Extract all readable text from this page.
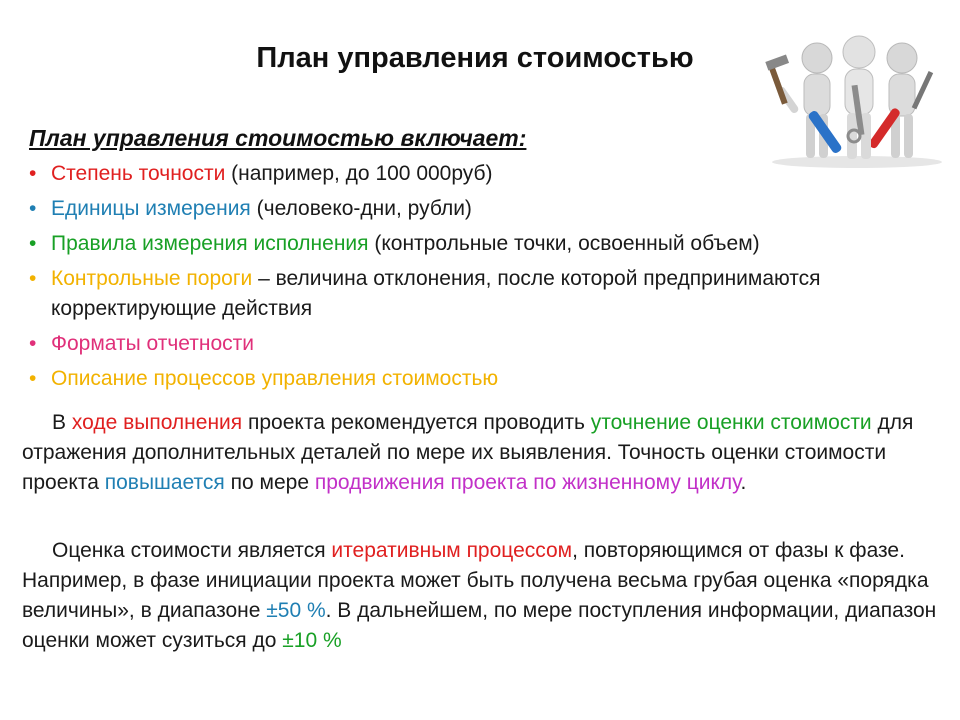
План управления стоимостью
План управления стоимостью включает:
• Степень точности (например, до 100 000руб)
• Единицы измерения (человеко-дни, рубли)
• Правила измерения исполнения (контрольные точки, освоенный объем)
• Контрольные пороги – величина отклонения, после которой предпринимаются корректирующие действия
• Форматы отчетности
• Описание процессов управления стоимостью

В ходе выполнения проекта рекомендуется проводить уточнение оценки стоимости для отражения дополнительных деталей по мере их выявления. Точность оценки стоимости проекта повышается по мере продвижения проекта по жизненному циклу.

Оценка стоимости является итеративным процессом, повторяющимся от фазы к фазе. Например, в фазе инициации проекта может быть получена весьма грубая оценка «порядка величины», в диапазоне ±50 %. В дальнейшем, по мере поступления информации, диапазон оценки может сузиться до ±10 %
